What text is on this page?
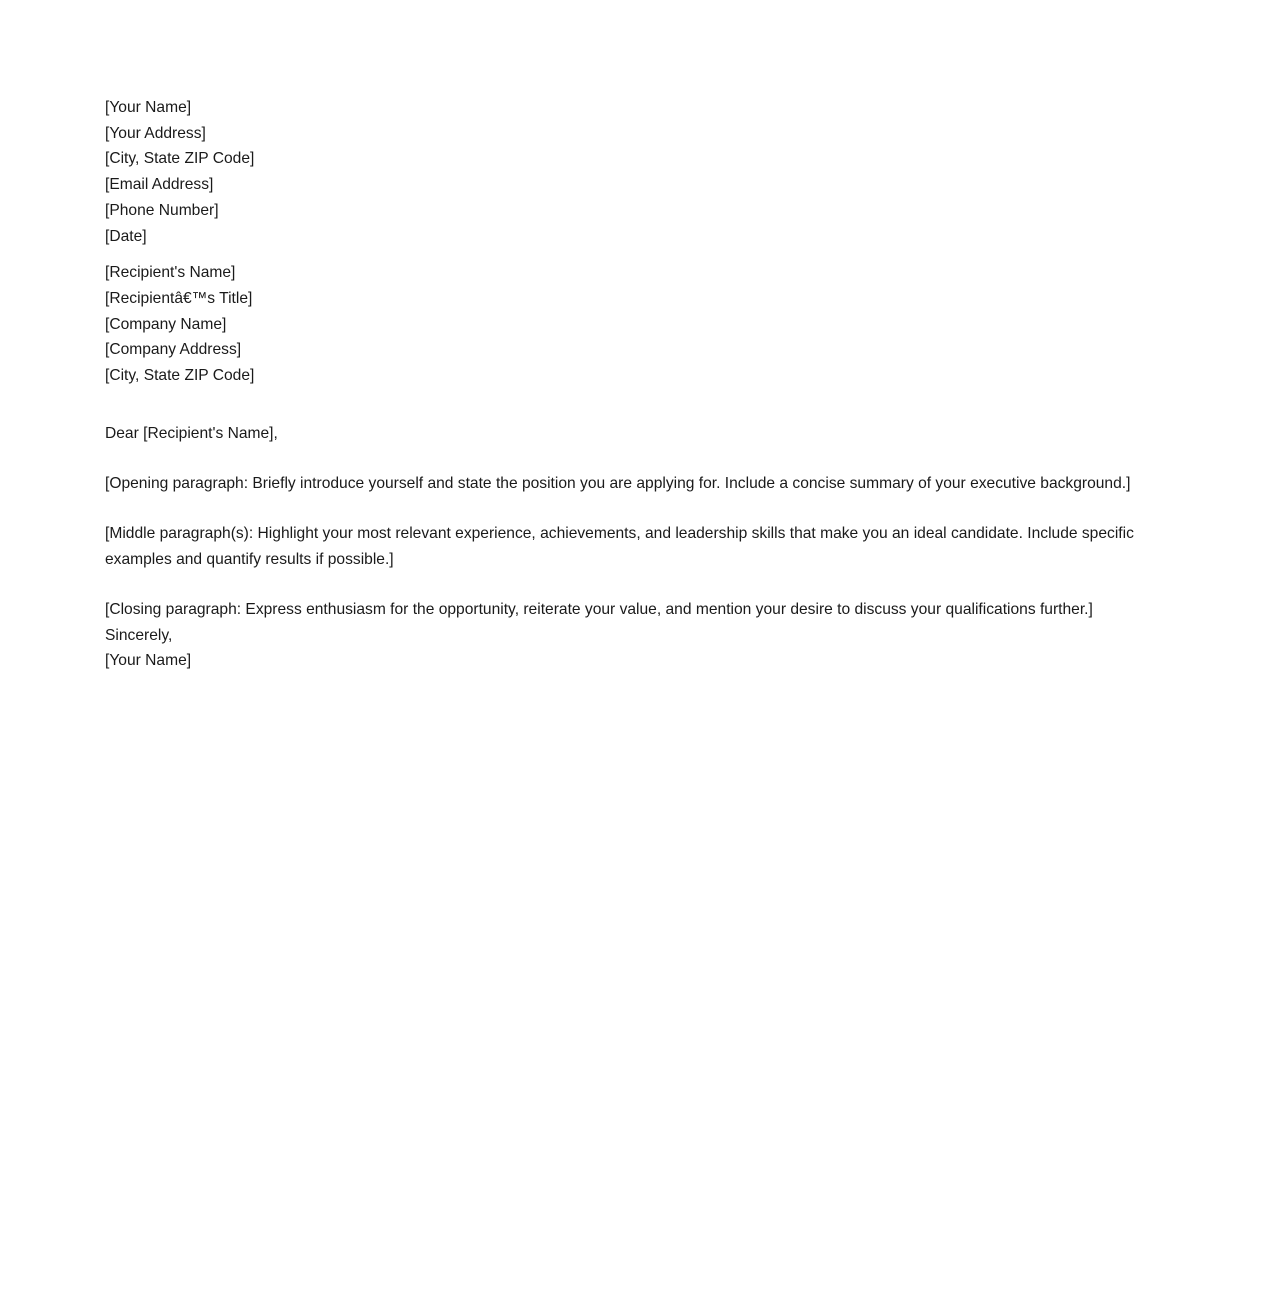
[Your Name]
[Your Address]
[City, State ZIP Code]
[Email Address]
[Phone Number]
[Date]
[Recipient's Name]
[Recipientâ€™s Title]
[Company Name]
[Company Address]
[City, State ZIP Code]

Dear [Recipient's Name],

[Opening paragraph: Briefly introduce yourself and state the position you are applying for. Include a concise summary of your executive background.]

[Middle paragraph(s): Highlight your most relevant experience, achievements, and leadership skills that make you an ideal candidate. Include specific examples and quantify results if possible.]

[Closing paragraph: Express enthusiasm for the opportunity, reiterate your value, and mention your desire to discuss your qualifications further.]

Sincerely,

[Your Name]
